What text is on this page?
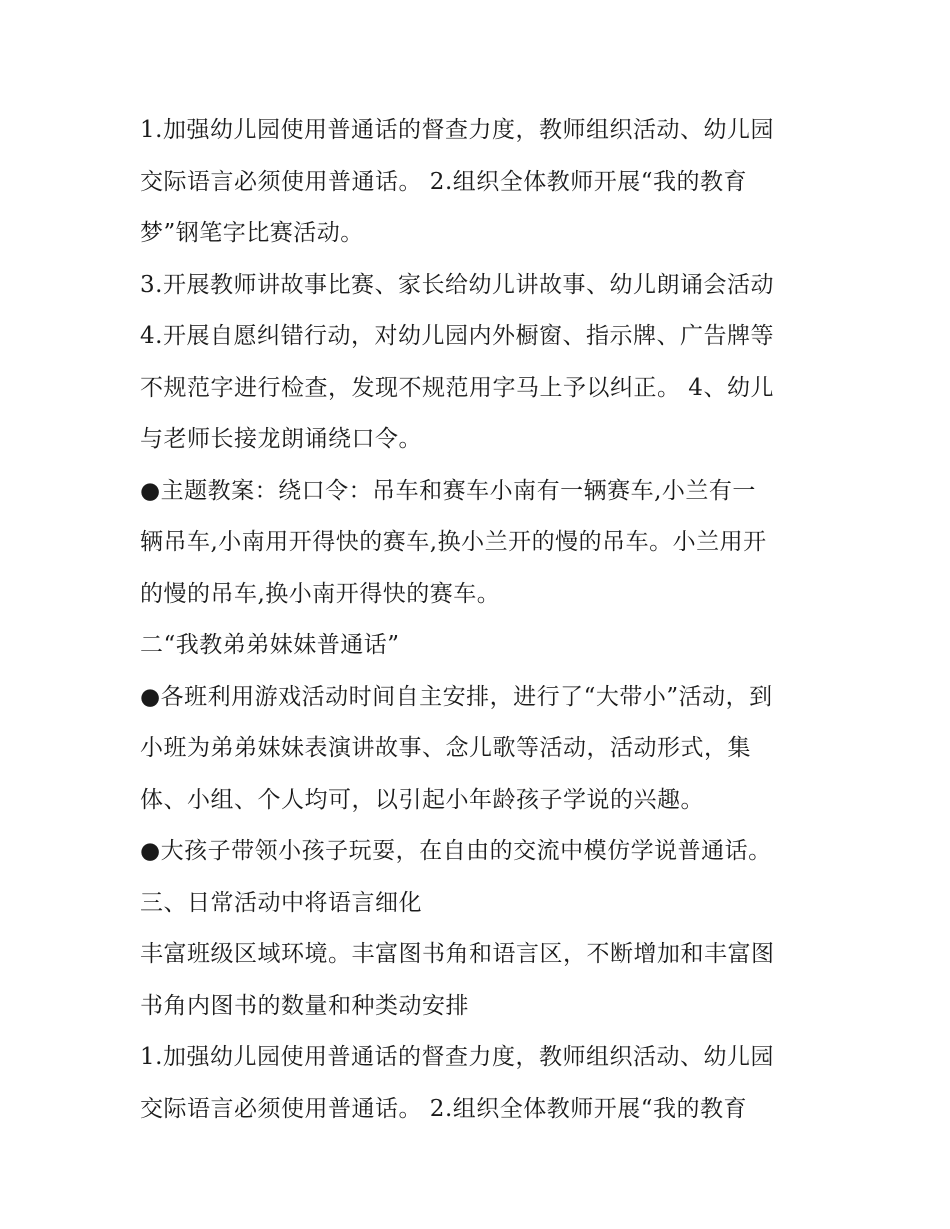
1.加强幼儿园使用普通话的督查力度，教师组织活动、幼儿园
交际语言必须使用普通话。 2.组织全体教师开展“我的教育
梦”钢笔字比赛活动。
3.开展教师讲故事比赛、家长给幼儿讲故事、幼儿朗诵会活动
4.开展自愿纠错行动，对幼儿园内外橱窗、指示牌、广告牌等
不规范字进行检查，发现不规范用字马上予以纠正。 4、幼儿
与老师长接龙朗诵绕口令。
●主题教案：绕口令：吊车和赛车小南有一辆赛车,小兰有一
辆吊车,小南用开得快的赛车,换小兰开的慢的吊车。小兰用开
的慢的吊车,换小南开得快的赛车。
二“我教弟弟妹妹普通话”
●各班利用游戏活动时间自主安排，进行了“大带小”活动，到
小班为弟弟妹妹表演讲故事、念儿歌等活动，活动形式，集
体、小组、个人均可，以引起小年龄孩子学说的兴趣。
●大孩子带领小孩子玩耍，在自由的交流中模仿学说普通话。
三、日常活动中将语言细化
丰富班级区域环境。丰富图书角和语言区，不断增加和丰富图
书角内图书的数量和种类动安排
1.加强幼儿园使用普通话的督查力度，教师组织活动、幼儿园
交际语言必须使用普通话。 2.组织全体教师开展“我的教育
